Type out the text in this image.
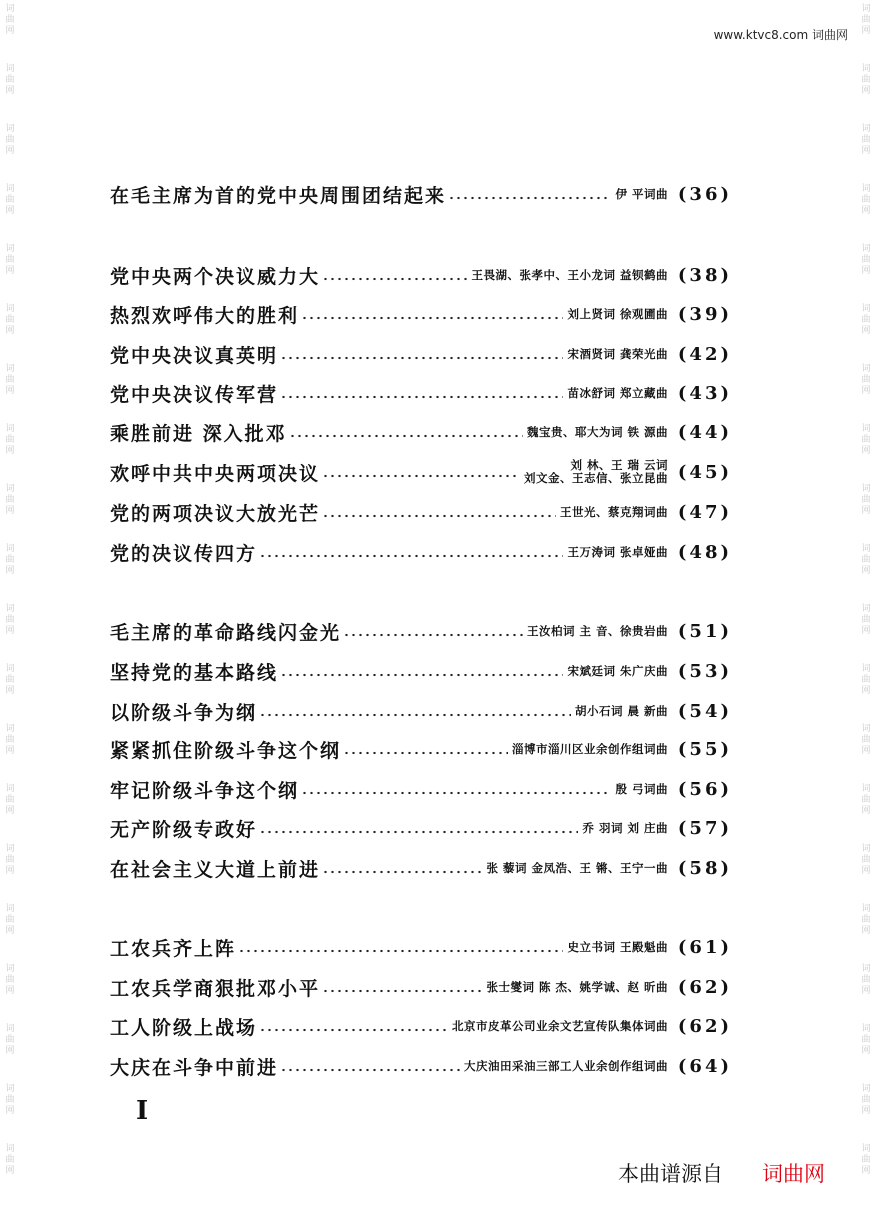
词
曲
网
词
曲
网
词
曲
网
词
曲
网
词
曲
网
词
曲
网
词
曲
网
词
曲
网
词
曲
网
词
曲
网
词
曲
网
词
曲
网
词
曲
网
词
曲
网
词
曲
网
词
曲
网
词
曲
网
词
曲
网
词
曲
网
词
曲
网
词
曲
网
词
曲
网
词
曲
网
词
曲
网
词
曲
网
词
曲
网
词
曲
网
词
曲
网
词
曲
网
词
曲
网
词
曲
网
词
曲
网
词
曲
网
词
曲
网
词
曲
网
词
曲
网
词
曲
网
词
曲
网
词
曲
网
词
曲
网
www.ktvc8.com 词曲网
在毛主席为首的党中央周围团结起来	伊 平词曲 (36)
党中央两个决议威力大	王畏湖、张孝中、王小龙词 益钡鹤曲 (38)
热烈欢呼伟大的胜利	刘上贤词 徐观圃曲 (39)
党中央决议真英明	宋酒贤词 龚荣光曲 (42)
党中央决议传军营	苗冰舒词 郑立藏曲 (43)
乘胜前进 深入批邓	魏宝贵、耶大为词 铁 源曲 (44)
欢呼中共中央两项决议	刘 林、王 瑞 云词
刘文金、王志信、张立昆曲 (45)
党的两项决议大放光芒	王世光、蔡克翔词曲 (47)
党的决议传四方	王万涛词 张卓娅曲 (48)
毛主席的革命路线闪金光	王汝柏词 主 音、徐贵岩曲 (51)
坚持党的基本路线	宋斌廷词 朱广庆曲 (53)
以阶级斗争为纲	胡小石词 晨 新曲 (54)
紧紧抓住阶级斗争这个纲	淄博市淄川区业余创作组词曲 (55)
牢记阶级斗争这个纲	殷 弓词曲 (56)
无产阶级专政好	乔 羽词 刘 庄曲 (57)
在社会主义大道上前进	张 藜词 金凤浩、王 锵、王宁一曲 (58)
工农兵齐上阵	史立书词 王殿魁曲 (61)
工农兵学商狠批邓小平	张士燮词 陈 杰、姚学诚、赵 昕曲 (62)
工人阶级上战场	北京市皮革公司业余文艺宣传队集体词曲 (62)
大庆在斗争中前进	大庆油田采油三部工人业余创作组词曲 (64)
I
本曲谱源自 词曲网
